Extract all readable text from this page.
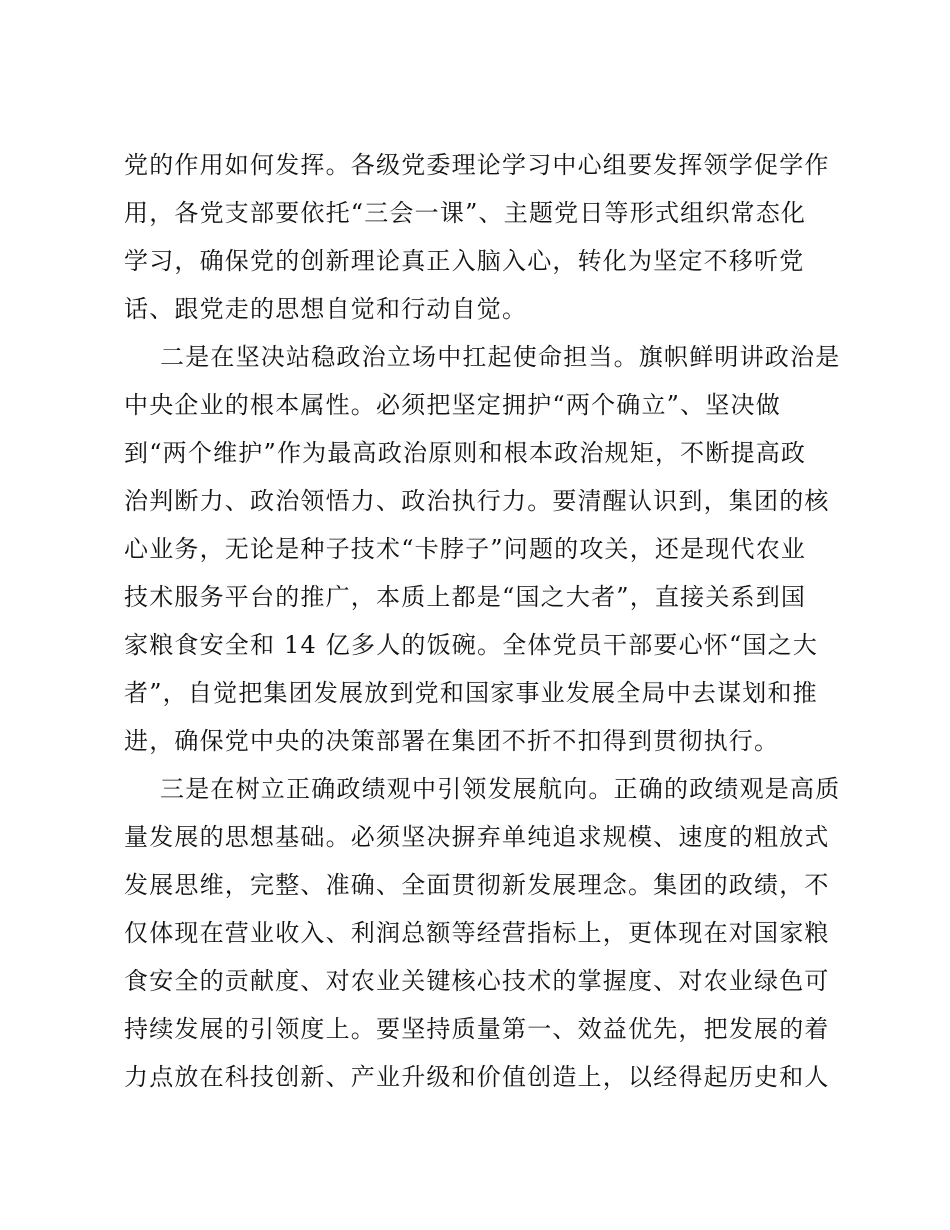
党的作用如何发挥。各级党委理论学习中心组要发挥领学促学作
用，各党支部要依托“三会一课”、主题党日等形式组织常态化
学习，确保党的创新理论真正入脑入心，转化为坚定不移听党
话、跟党走的思想自觉和行动自觉。
二是在坚决站稳政治立场中扛起使命担当。旗帜鲜明讲政治是
中央企业的根本属性。必须把坚定拥护“两个确立”、坚决做
到“两个维护”作为最高政治原则和根本政治规矩，不断提高政
治判断力、政治领悟力、政治执行力。要清醒认识到，集团的核
心业务，无论是种子技术“卡脖子”问题的攻关，还是现代农业
技术服务平台的推广，本质上都是“国之大者”，直接关系到国
家粮食安全和 14 亿多人的饭碗。全体党员干部要心怀“国之大
者”，自觉把集团发展放到党和国家事业发展全局中去谋划和推
进，确保党中央的决策部署在集团不折不扣得到贯彻执行。
三是在树立正确政绩观中引领发展航向。正确的政绩观是高质
量发展的思想基础。必须坚决摒弃单纯追求规模、速度的粗放式
发展思维，完整、准确、全面贯彻新发展理念。集团的政绩，不
仅体现在营业收入、利润总额等经营指标上，更体现在对国家粮
食安全的贡献度、对农业关键核心技术的掌握度、对农业绿色可
持续发展的引领度上。要坚持质量第一、效益优先，把发展的着
力点放在科技创新、产业升级和价值创造上，以经得起历史和人
